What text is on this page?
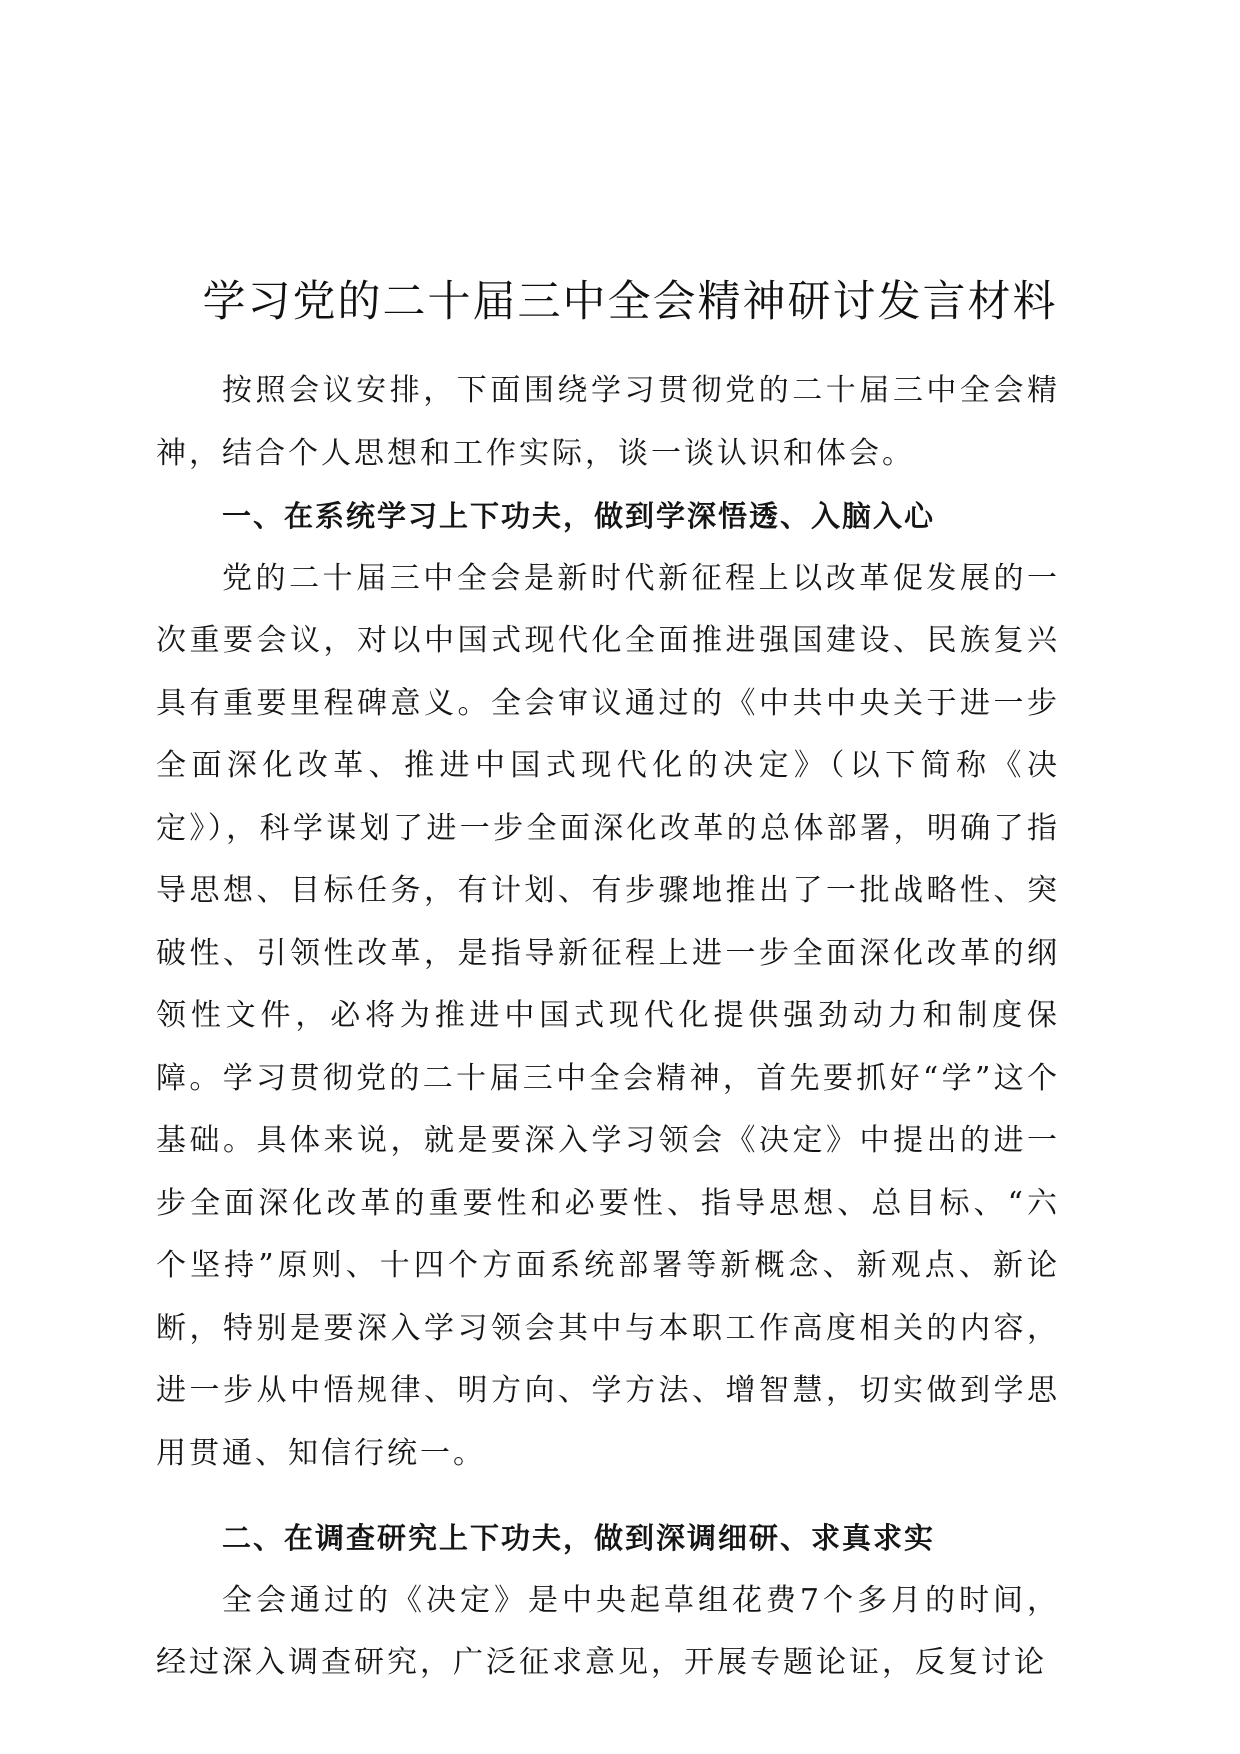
学习党的二十届三中全会精神研讨发言材料

按照会议安排，下面围绕学习贯彻党的二十届三中全会精神，结合个人思想和工作实际，谈一谈认识和体会。

一、在系统学习上下功夫，做到学深悟透、入脑入心

党的二十届三中全会是新时代新征程上以改革促发展的一次重要会议，对以中国式现代化全面推进强国建设、民族复兴具有重要里程碑意义。全会审议通过的《中共中央关于进一步全面深化改革、推进中国式现代化的决定》（以下简称《决定》），科学谋划了进一步全面深化改革的总体部署，明确了指导思想、目标任务，有计划、有步骤地推出了一批战略性、突破性、引领性改革，是指导新征程上进一步全面深化改革的纲领性文件，必将为推进中国式现代化提供强劲动力和制度保障。学习贯彻党的二十届三中全会精神，首先要抓好“学”这个基础。具体来说，就是要深入学习领会《决定》中提出的进一步全面深化改革的重要性和必要性、指导思想、总目标、“六个坚持”原则、十四个方面系统部署等新概念、新观点、新论断，特别是要深入学习领会其中与本职工作高度相关的内容，进一步从中悟规律、明方向、学方法、增智慧，切实做到学思用贯通、知信行统一。

二、在调查研究上下功夫，做到深调细研、求真求实

全会通过的《决定》是中央起草组花费7个多月的时间，经过深入调查研究，广泛征求意见，开展专题论证，反复讨论
